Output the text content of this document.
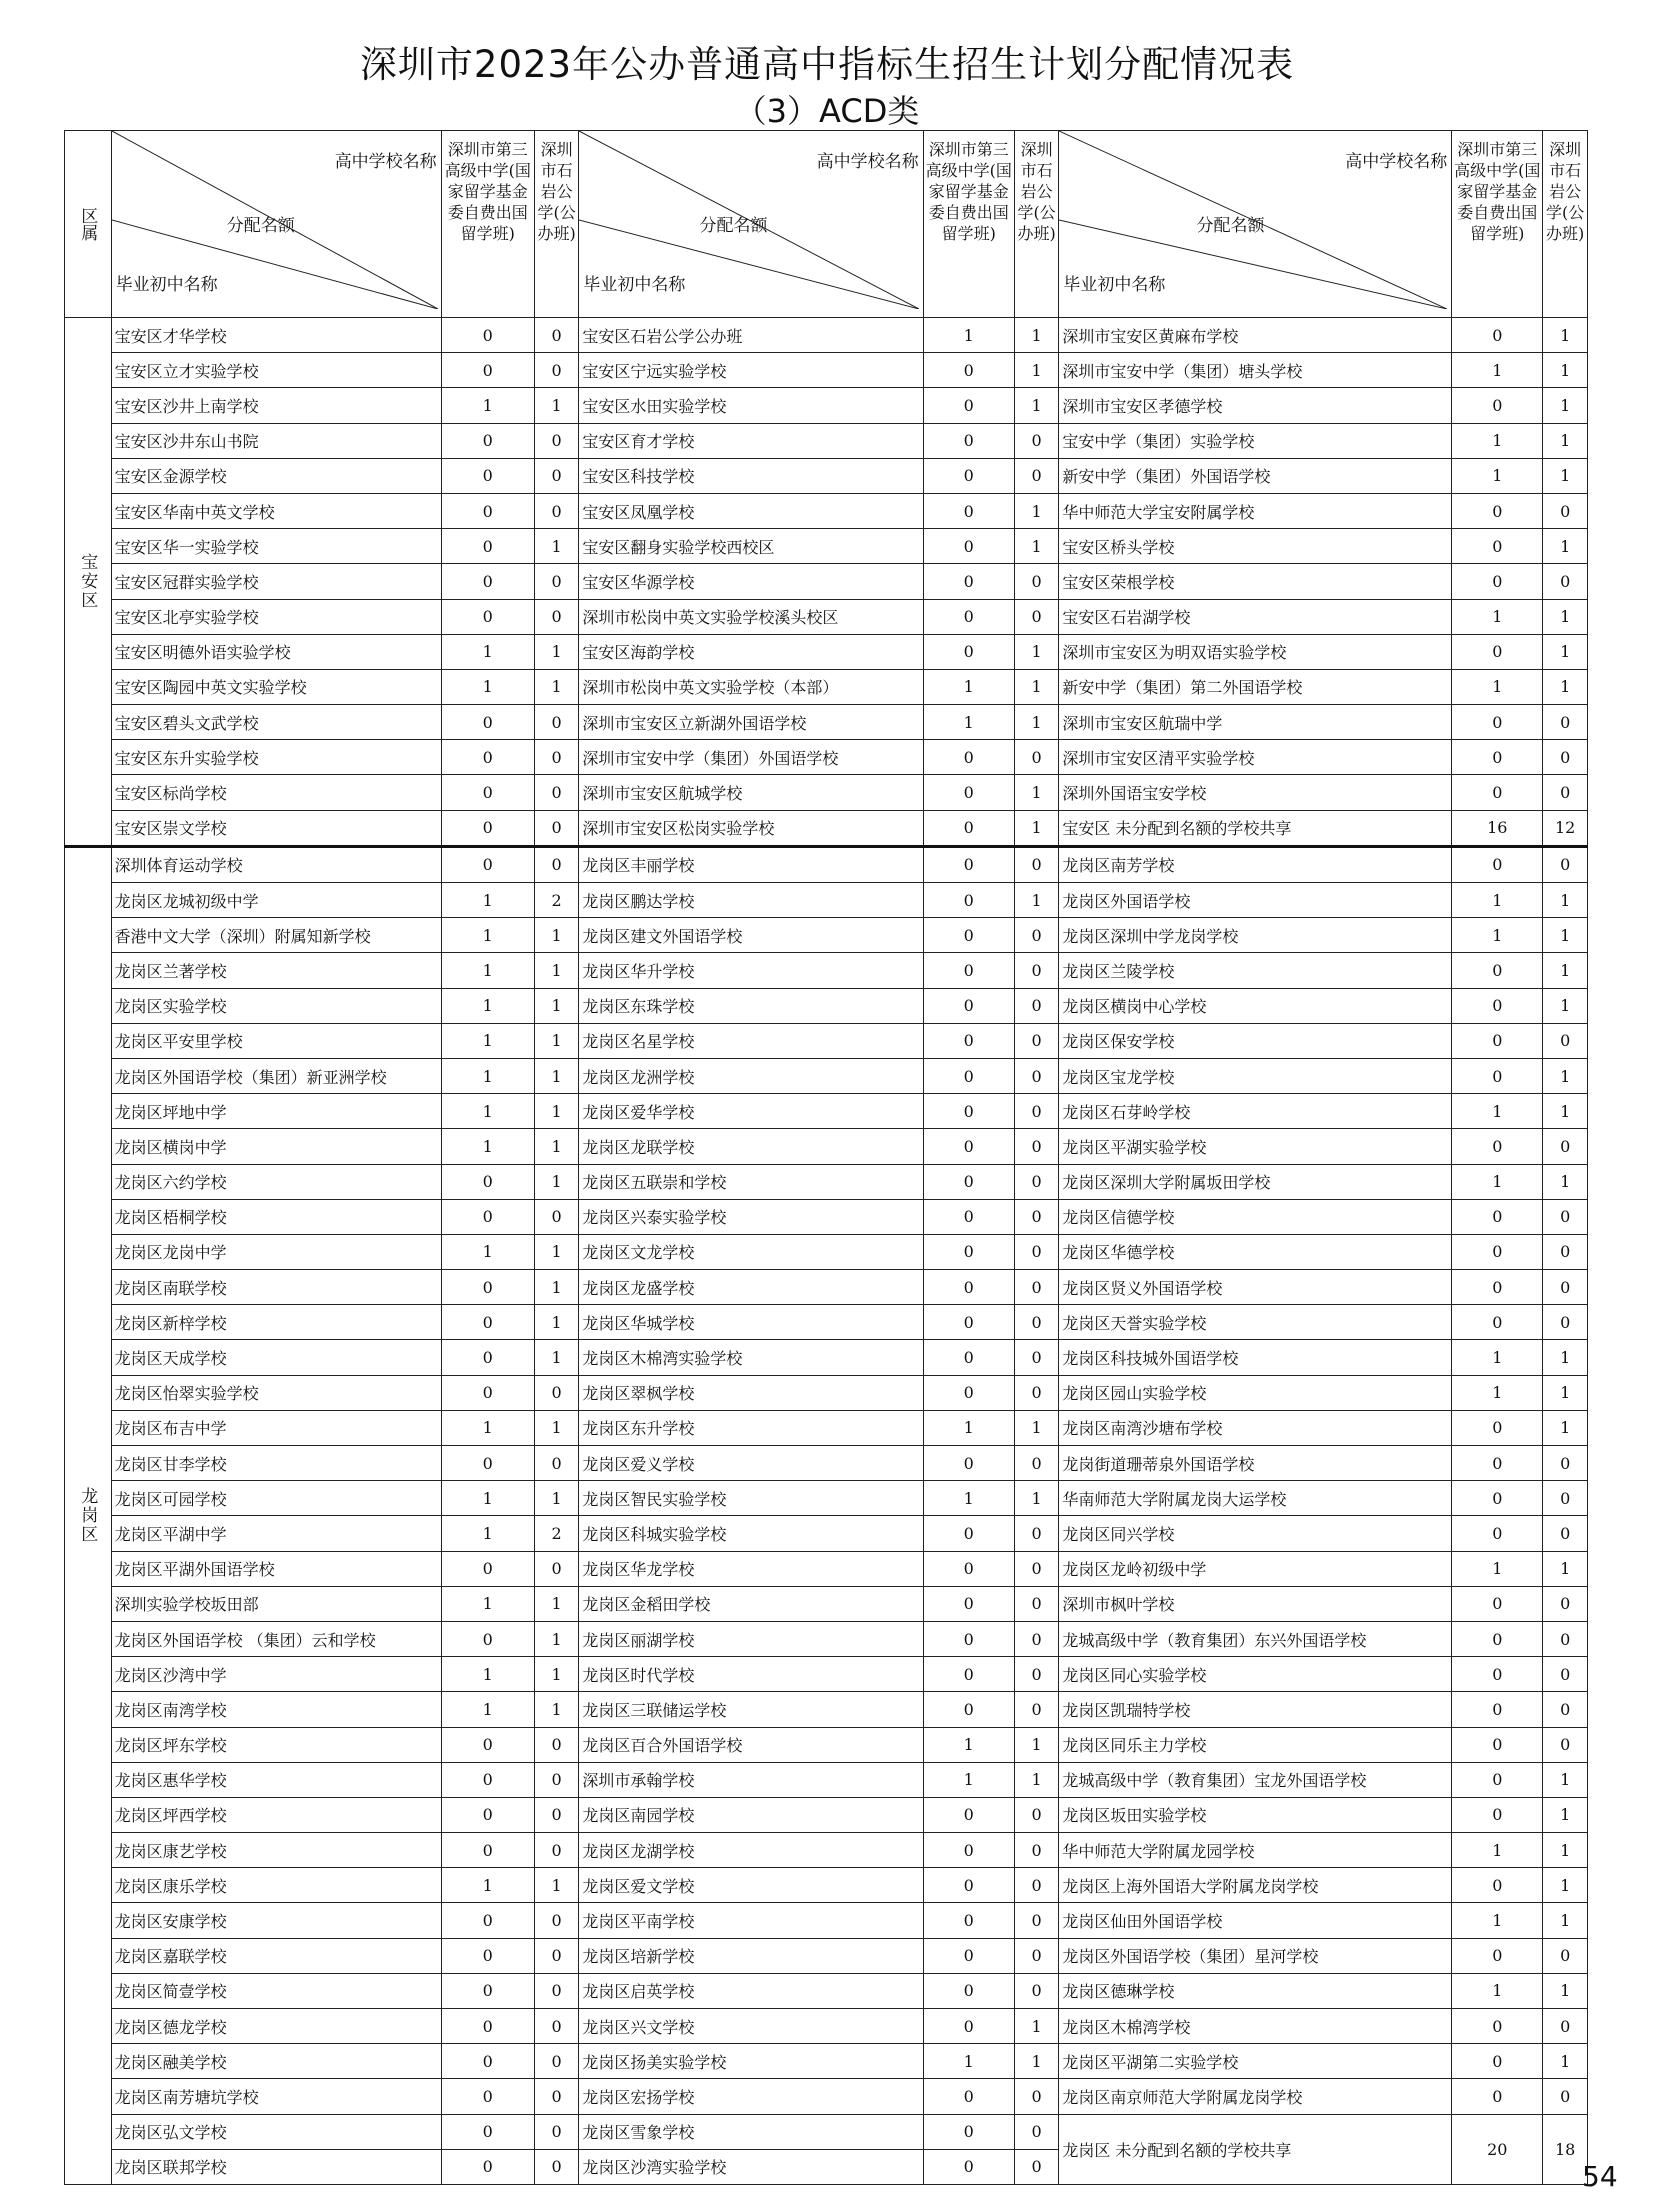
深圳市2023年公办普通高中指标生招生计划分配情况表
（3）ACD类
区属	高中学校名称
分配名额
毕业初中名称	深圳市第三高级中学(国家留学基金委自费出国留学班)	深圳市石岩公学(公办班)	高中学校名称
分配名额
毕业初中名称	深圳市第三高级中学(国家留学基金委自费出国留学班)	深圳市石岩公学(公办班)	高中学校名称
分配名额
毕业初中名称	深圳市第三高级中学(国家留学基金委自费出国留学班)	深圳市石岩公学(公办班)
宝安区	宝安区才华学校	0	0	宝安区石岩公学公办班	1	1	深圳市宝安区黄麻布学校	0	1
	宝安区立才实验学校	0	0	宝安区宁远实验学校	0	1	深圳市宝安中学（集团）塘头学校	1	1
	宝安区沙井上南学校	1	1	宝安区水田实验学校	0	1	深圳市宝安区孝德学校	0	1
	宝安区沙井东山书院	0	0	宝安区育才学校	0	0	宝安中学（集团）实验学校	1	1
	宝安区金源学校	0	0	宝安区科技学校	0	0	新安中学（集团）外国语学校	1	1
	宝安区华南中英文学校	0	0	宝安区凤凰学校	0	1	华中师范大学宝安附属学校	0	0
	宝安区华一实验学校	0	1	宝安区翻身实验学校西校区	0	1	宝安区桥头学校	0	1
	宝安区冠群实验学校	0	0	宝安区华源学校	0	0	宝安区荣根学校	0	0
	宝安区北亭实验学校	0	0	深圳市松岗中英文实验学校溪头校区	0	0	宝安区石岩湖学校	1	1
	宝安区明德外语实验学校	1	1	宝安区海韵学校	0	1	深圳市宝安区为明双语实验学校	0	1
	宝安区陶园中英文实验学校	1	1	深圳市松岗中英文实验学校（本部）	1	1	新安中学（集团）第二外国语学校	1	1
	宝安区碧头文武学校	0	0	深圳市宝安区立新湖外国语学校	1	1	深圳市宝安区航瑞中学	0	0
	宝安区东升实验学校	0	0	深圳市宝安中学（集团）外国语学校	0	0	深圳市宝安区清平实验学校	0	0
	宝安区标尚学校	0	0	深圳市宝安区航城学校	0	1	深圳外国语宝安学校	0	0
	宝安区崇文学校	0	0	深圳市宝安区松岗实验学校	0	1	宝安区 未分配到名额的学校共享	16	12
龙岗区	深圳体育运动学校	0	0	龙岗区丰丽学校	0	0	龙岗区南芳学校	0	0
	龙岗区龙城初级中学	1	2	龙岗区鹏达学校	0	1	龙岗区外国语学校	1	1
	香港中文大学（深圳）附属知新学校	1	1	龙岗区建文外国语学校	0	0	龙岗区深圳中学龙岗学校	1	1
	龙岗区兰著学校	1	1	龙岗区华升学校	0	0	龙岗区兰陵学校	0	1
	龙岗区实验学校	1	1	龙岗区东珠学校	0	0	龙岗区横岗中心学校	0	1
	龙岗区平安里学校	1	1	龙岗区名星学校	0	0	龙岗区保安学校	0	0
	龙岗区外国语学校（集团）新亚洲学校	1	1	龙岗区龙洲学校	0	0	龙岗区宝龙学校	0	1
	龙岗区坪地中学	1	1	龙岗区爱华学校	0	0	龙岗区石芽岭学校	1	1
	龙岗区横岗中学	1	1	龙岗区龙联学校	0	0	龙岗区平湖实验学校	0	0
	龙岗区六约学校	0	1	龙岗区五联崇和学校	0	0	龙岗区深圳大学附属坂田学校	1	1
	龙岗区梧桐学校	0	0	龙岗区兴泰实验学校	0	0	龙岗区信德学校	0	0
	龙岗区龙岗中学	1	1	龙岗区文龙学校	0	0	龙岗区华德学校	0	0
	龙岗区南联学校	0	1	龙岗区龙盛学校	0	0	龙岗区贤义外国语学校	0	0
	龙岗区新梓学校	0	1	龙岗区华城学校	0	0	龙岗区天誉实验学校	0	0
	龙岗区天成学校	0	1	龙岗区木棉湾实验学校	0	0	龙岗区科技城外国语学校	1	1
	龙岗区怡翠实验学校	0	0	龙岗区翠枫学校	0	0	龙岗区园山实验学校	1	1
	龙岗区布吉中学	1	1	龙岗区东升学校	1	1	龙岗区南湾沙塘布学校	0	1
	龙岗区甘李学校	0	0	龙岗区爱义学校	0	0	龙岗街道珊蒂泉外国语学校	0	0
	龙岗区可园学校	1	1	龙岗区智民实验学校	1	1	华南师范大学附属龙岗大运学校	0	0
	龙岗区平湖中学	1	2	龙岗区科城实验学校	0	0	龙岗区同兴学校	0	0
	龙岗区平湖外国语学校	0	0	龙岗区华龙学校	0	0	龙岗区龙岭初级中学	1	1
	深圳实验学校坂田部	1	1	龙岗区金稻田学校	0	0	深圳市枫叶学校	0	0
	龙岗区外国语学校 （集团）云和学校	0	1	龙岗区丽湖学校	0	0	龙城高级中学（教育集团）东兴外国语学校	0	0
	龙岗区沙湾中学	1	1	龙岗区时代学校	0	0	龙岗区同心实验学校	0	0
	龙岗区南湾学校	1	1	龙岗区三联储运学校	0	0	龙岗区凯瑞特学校	0	0
	龙岗区坪东学校	0	0	龙岗区百合外国语学校	1	1	龙岗区同乐主力学校	0	0
	龙岗区惠华学校	0	0	深圳市承翰学校	1	1	龙城高级中学（教育集团）宝龙外国语学校	0	1
	龙岗区坪西学校	0	0	龙岗区南园学校	0	0	龙岗区坂田实验学校	0	1
	龙岗区康艺学校	0	0	龙岗区龙湖学校	0	0	华中师范大学附属龙园学校	1	1
	龙岗区康乐学校	1	1	龙岗区爱文学校	0	0	龙岗区上海外国语大学附属龙岗学校	0	1
	龙岗区安康学校	0	0	龙岗区平南学校	0	0	龙岗区仙田外国语学校	1	1
	龙岗区嘉联学校	0	0	龙岗区培新学校	0	0	龙岗区外国语学校（集团）星河学校	0	0
	龙岗区简壹学校	0	0	龙岗区启英学校	0	0	龙岗区德琳学校	1	1
	龙岗区德龙学校	0	0	龙岗区兴文学校	0	1	龙岗区木棉湾学校	0	0
	龙岗区融美学校	0	0	龙岗区扬美实验学校	1	1	龙岗区平湖第二实验学校	0	1
	龙岗区南芳塘坑学校	0	0	龙岗区宏扬学校	0	0	龙岗区南京师范大学附属龙岗学校	0	0
	龙岗区弘文学校	0	0	龙岗区雪象学校	0	0	龙岗区 未分配到名额的学校共享	20	18
	龙岗区联邦学校	0	0	龙岗区沙湾实验学校	0	0				54
